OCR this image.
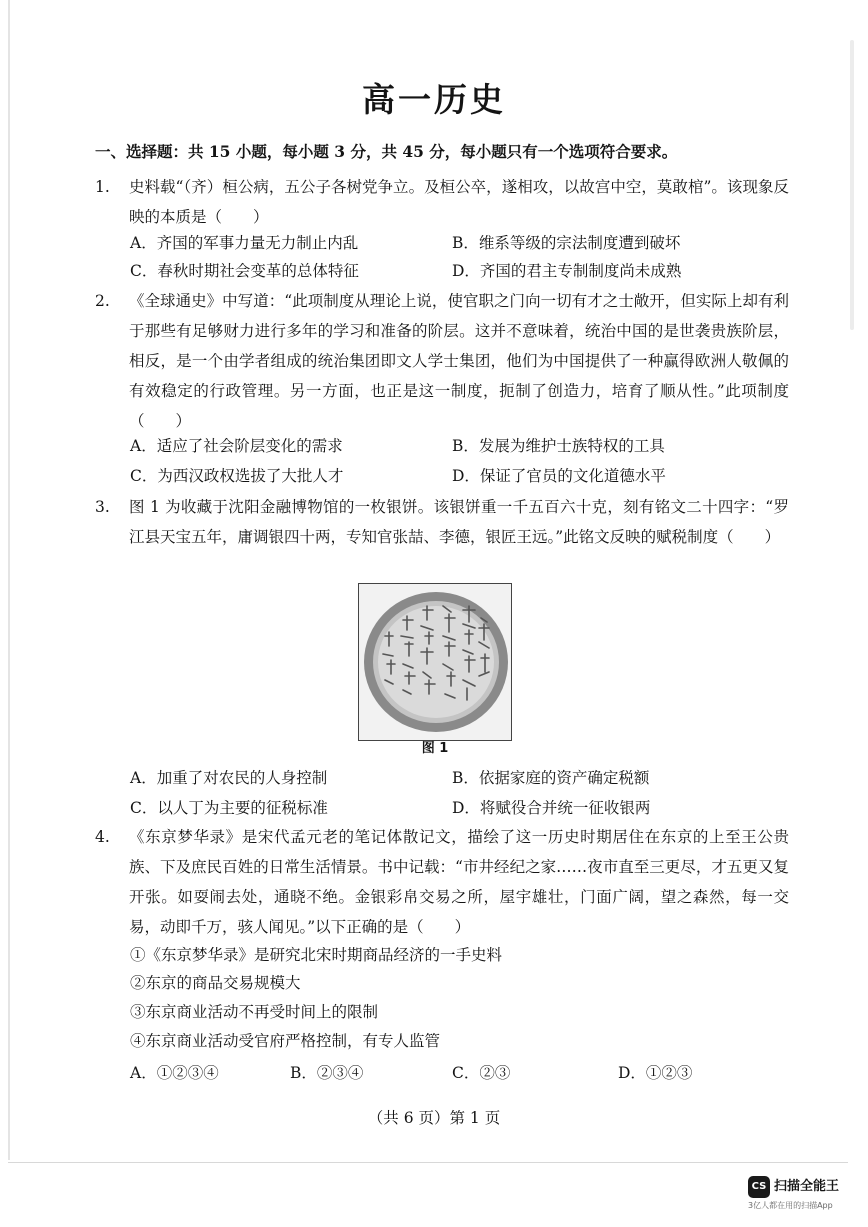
高一历史
一、选择题：共 15 小题，每小题 3 分，共 45 分，每小题只有一个选项符合要求。
1.	史料载“（齐）桓公病，五公子各树党争立。及桓公卒，遂相攻，以故宫中空，莫敢棺”。该现象反映的本质是（　　）

A．齐国的军事力量无力制止内乱	B．维系等级的宗法制度遭到破坏
C．春秋时期社会变革的总体特征	D．齐国的君主专制制度尚未成熟
2.	《全球通史》中写道：“此项制度从理论上说，使官职之门向一切有才之士敞开，但实际上却有利于那些有足够财力进行多年的学习和准备的阶层。这并不意味着，统治中国的是世袭贵族阶层，相反，是一个由学者组成的统治集团即文人学士集团，他们为中国提供了一种赢得欧洲人敬佩的有效稳定的行政管理。另一方面，也正是这一制度，扼制了创造力，培育了顺从性。”此项制度（　　）

A．适应了社会阶层变化的需求	B．发展为维护士族特权的工具
C．为西汉政权选拔了大批人才	D．保证了官员的文化道德水平
3.	图 1 为收藏于沈阳金融博物馆的一枚银饼。该银饼重一千五百六十克，刻有铭文二十四字：“罗江县天宝五年，庸调银四十两，专知官张喆、李德，银匠王远。”此铭文反映的赋税制度（　　）

图 1
A．加重了对农民的人身控制	B．依据家庭的资产确定税额
C．以人丁为主要的征税标准	D．将赋役合并统一征收银两
4.	《东京梦华录》是宋代孟元老的笔记体散记文，描绘了这一历史时期居住在东京的上至王公贵族、下及庶民百姓的日常生活情景。书中记载：“市井经纪之家……夜市直至三更尽，才五更又复开张。如耍闹去处，通晓不绝。金银彩帛交易之所，屋宇雄壮，门面广阔，望之森然，每一交易，动即千万，骇人闻见。”以下正确的是（　　）

①《东京梦华录》是研究北宋时期商品经济的一手史料
②东京的商品交易规模大
③东京商业活动不再受时间上的限制
④东京商业活动受官府严格控制，有专人监管
A．①②③④	B．②③④	C．②③	D．①②③
（共 6 页）第 1 页
CS 扫描全能王
3亿人都在用的扫描App
